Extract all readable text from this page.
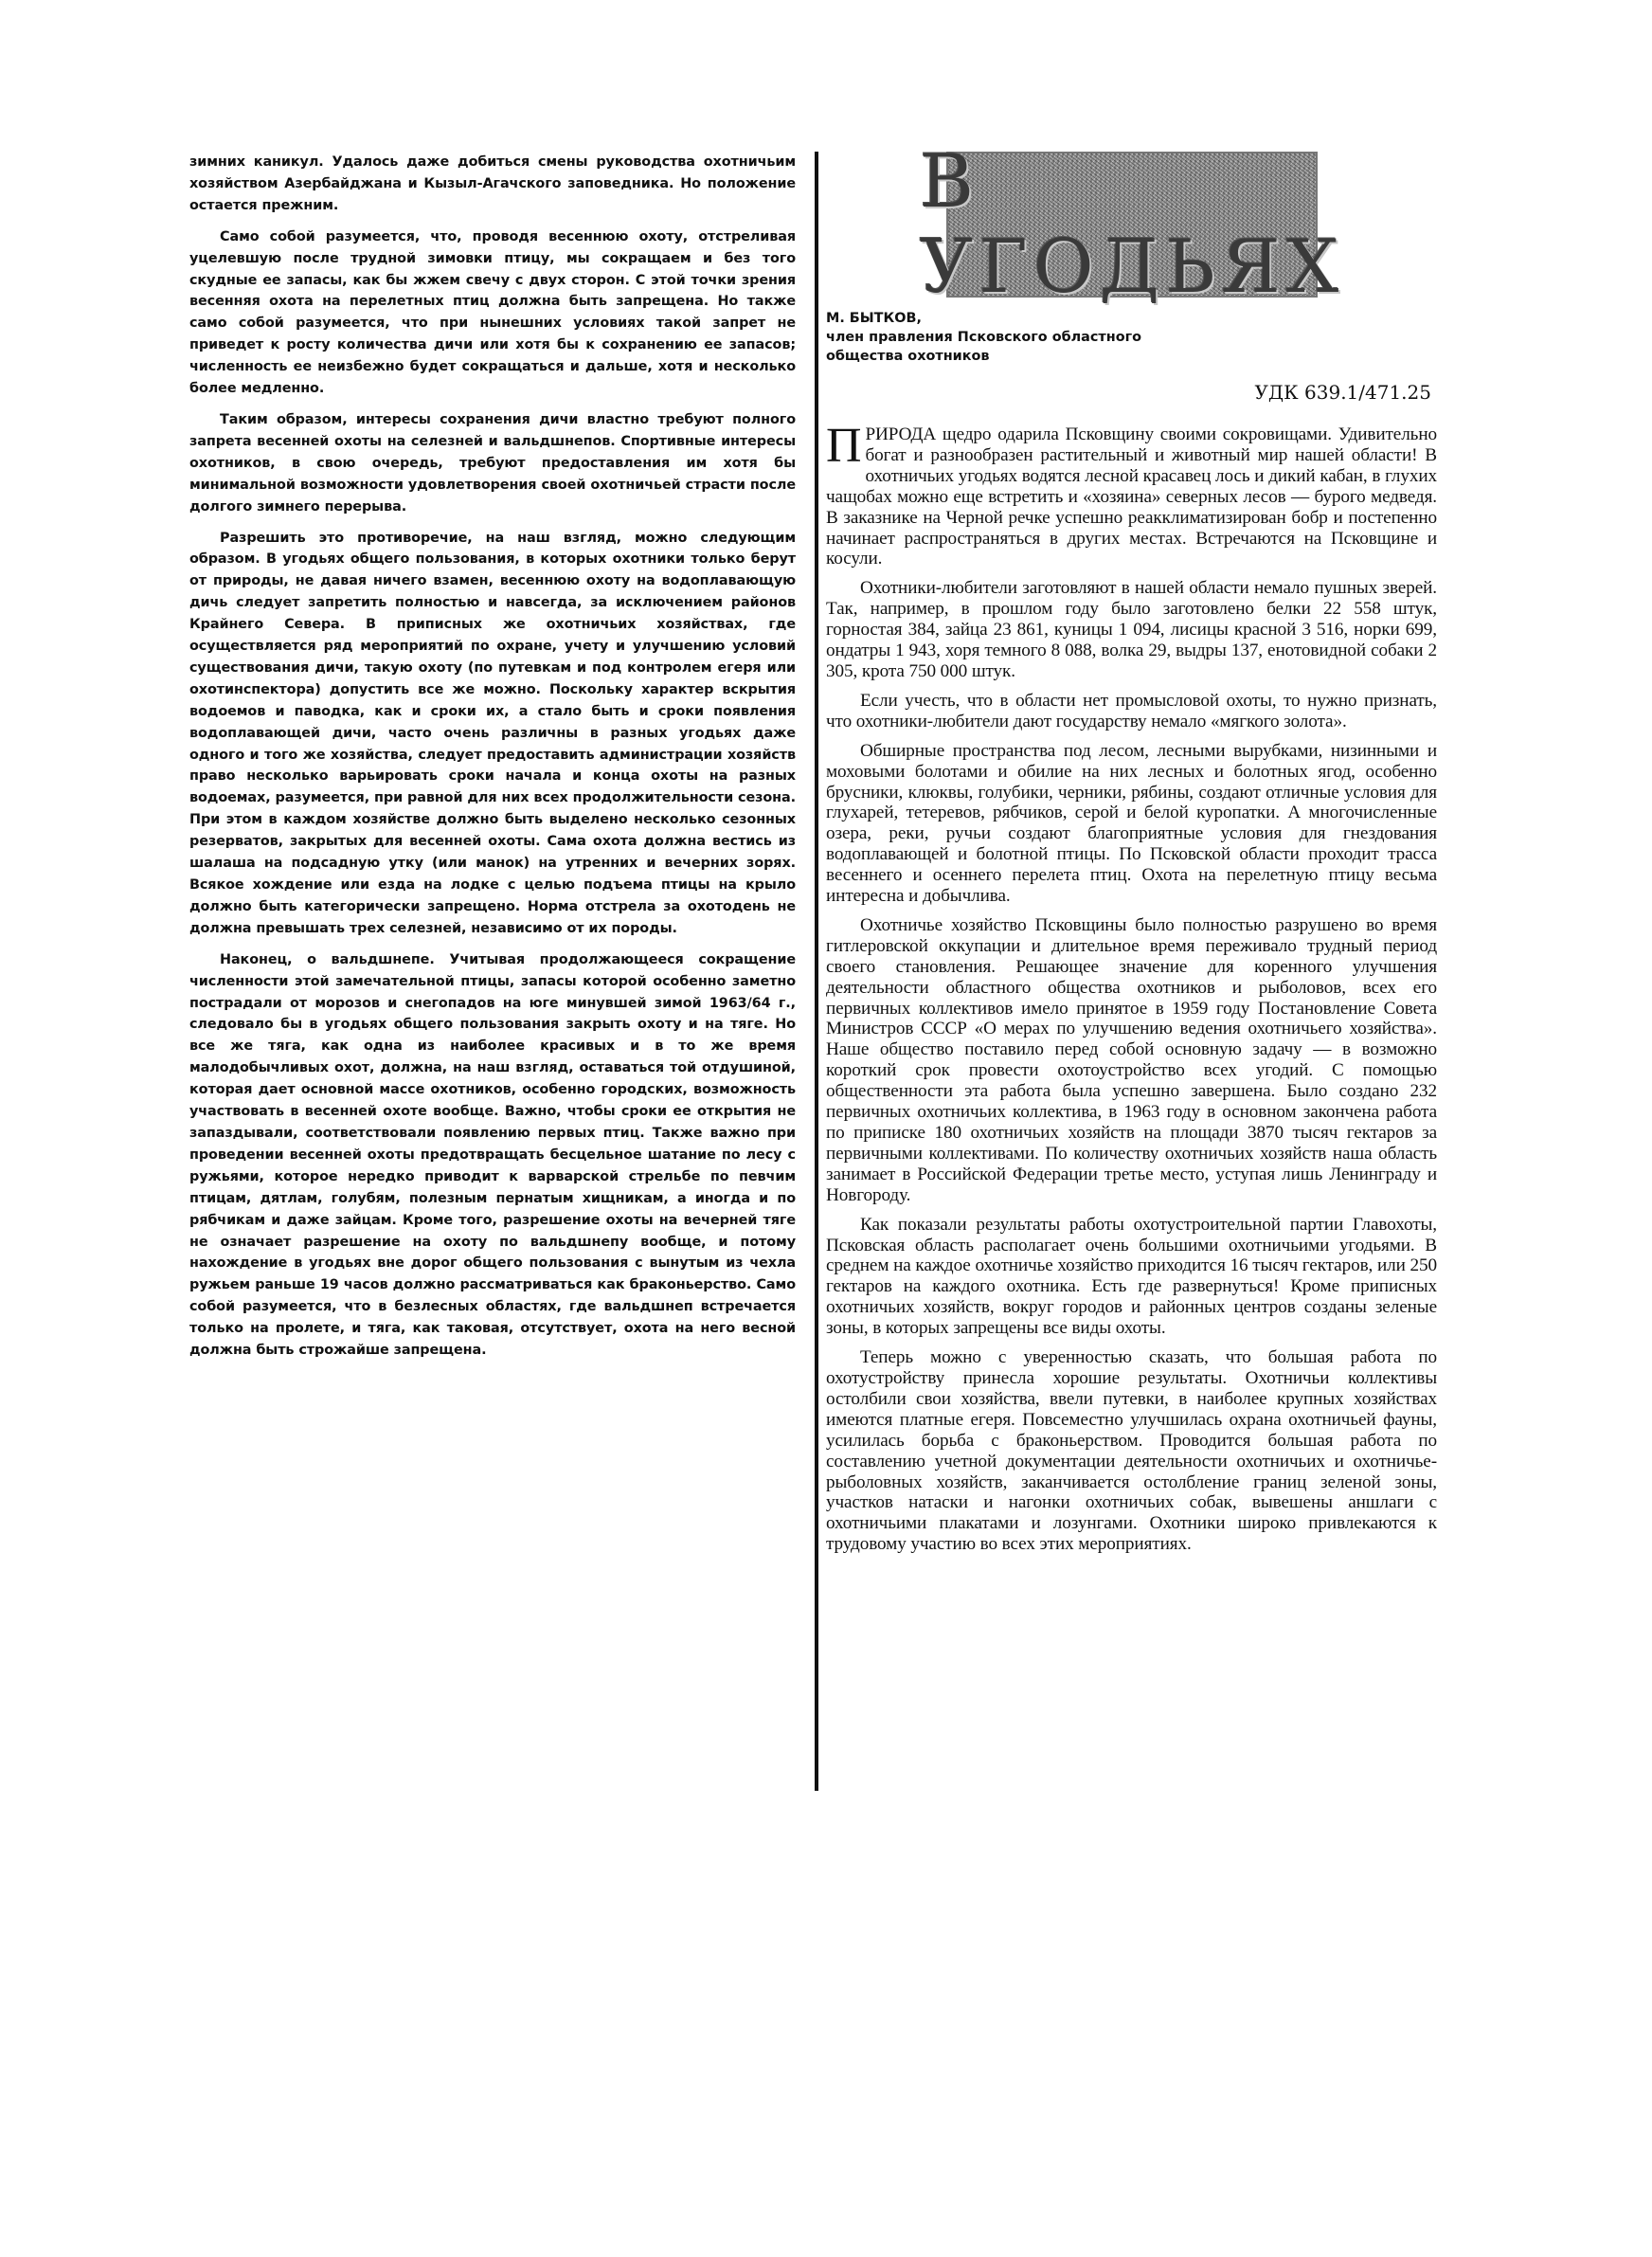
зимних каникул. Удалось даже добиться смены руководства охотничьим хозяйством Азербайджана и Кызыл-Агачского заповедника. Но положение остается прежним.

Само собой разумеется, что, проводя весеннюю охоту, отстреливая уцелевшую после трудной зимовки птицу, мы сокращаем и без того скудные ее запасы, как бы жжем свечу с двух сторон. С этой точки зрения весенняя охота на перелетных птиц должна быть запрещена. Но также само собой разумеется, что при нынешних условиях такой запрет не приведет к росту количества дичи или хотя бы к сохранению ее запасов; численность ее неизбежно будет сокращаться и дальше, хотя и несколько более медленно.

Таким образом, интересы сохранения дичи властно требуют полного запрета весенней охоты на селезней и вальдшнепов. Спортивные интересы охотников, в свою очередь, требуют предоставления им хотя бы минимальной возможности удовлетворения своей охотничьей страсти после долгого зимнего перерыва.

Разрешить это противоречие, на наш взгляд, можно следующим образом. В угодьях общего пользования, в которых охотники только берут от природы, не давая ничего взамен, весеннюю охоту на водоплавающую дичь следует запретить полностью и навсегда, за исключением районов Крайнего Севера. В приписных же охотничьих хозяйствах, где осуществляется ряд мероприятий по охране, учету и улучшению условий существования дичи, такую охоту (по путевкам и под контролем егеря или охотинспектора) допустить все же можно. Поскольку характер вскрытия водоемов и паводка, как и сроки их, а стало быть и сроки появления водоплавающей дичи, часто очень различны в разных угодьях даже одного и того же хозяйства, следует предоставить администрации хозяйств право несколько варьировать сроки начала и конца охоты на разных водоемах, разумеется, при равной для них всех продолжительности сезона. При этом в каждом хозяйстве должно быть выделено несколько сезонных резерватов, закрытых для весенней охоты. Сама охота должна вестись из шалаша на подсадную утку (или манок) на утренних и вечерних зорях. Всякое хождение или езда на лодке с целью подъема птицы на крыло должно быть категорически запрещено. Норма отстрела за охотодень не должна превышать трех селезней, независимо от их породы.

Наконец, о вальдшнепе. Учитывая продолжающееся сокращение численности этой замечательной птицы, запасы которой особенно заметно пострадали от морозов и снегопадов на юге минувшей зимой 1963/64 г., следовало бы в угодьях общего пользования закрыть охоту и на тяге. Но все же тяга, как одна из наиболее красивых и в то же время малодобычливых охот, должна, на наш взгляд, оставаться той отдушиной, которая дает основной массе охотников, особенно городских, возможность участвовать в весенней охоте вообще. Важно, чтобы сроки ее открытия не запаздывали, соответствовали появлению первых птиц. Также важно при проведении весенней охоты предотвращать бесцельное шатание по лесу с ружьями, которое нередко приводит к варварской стрельбе по певчим птицам, дятлам, голубям, полезным пернатым хищникам, а иногда и по рябчикам и даже зайцам. Кроме того, разрешение охоты на вечерней тяге не означает разрешение на охоту по вальдшнепу вообще, и потому нахождение в угодьях вне дорог общего пользования с вынутым из чехла ружьем раньше 19 часов должно рассматриваться как браконьерство. Само собой разумеется, что в безлесных областях, где вальдшнеп встречается только на пролете, и тяга, как таковая, отсутствует, охота на него весной должна быть строжайше запрещена.

В УГОДЬЯХ
М. БЫТКОВ,
член правления Псковского областного
общества охотников
УДК 639.1/471.25

ПРИРОДА щедро одарила Псковщину своими сокровищами. Удивительно богат и разнообразен растительный и животный мир нашей области! В охотничьих угодьях водятся лесной красавец лось и дикий кабан, в глухих чащобах можно еще встретить и «хозяина» северных лесов — бурого медведя. В заказнике на Черной речке успешно реакклиматизирован бобр и постепенно начинает распространяться в других местах. Встречаются на Псковщине и косули.

Охотники-любители заготовляют в нашей области немало пушных зверей. Так, например, в прошлом году было заготовлено белки 22 558 штук, горностая 384, зайца 23 861, куницы 1 094, лисицы красной 3 516, норки 699, ондатры 1 943, хоря темного 8 088, волка 29, выдры 137, енотовидной собаки 2 305, крота 750 000 штук.

Если учесть, что в области нет промысловой охоты, то нужно признать, что охотники-любители дают государству немало «мягкого золота».

Обширные пространства под лесом, лесными вырубками, низинными и моховыми болотами и обилие на них лесных и болотных ягод, особенно брусники, клюквы, голубики, черники, рябины, создают отличные условия для глухарей, тетеревов, рябчиков, серой и белой куропатки. А многочисленные озера, реки, ручьи создают благоприятные условия для гнездования водоплавающей и болотной птицы. По Псковской области проходит трасса весеннего и осеннего перелета птиц. Охота на перелетную птицу весьма интересна и добычлива.

Охотничье хозяйство Псковщины было полностью разрушено во время гитлеровской оккупации и длительное время переживало трудный период своего становления. Решающее значение для коренного улучшения деятельности областного общества охотников и рыболовов, всех его первичных коллективов имело принятое в 1959 году Постановление Совета Министров СССР «О мерах по улучшению ведения охотничьего хозяйства». Наше общество поставило перед собой основную задачу — в возможно короткий срок провести охотоустройство всех угодий. С помощью общественности эта работа была успешно завершена. Было создано 232 первичных охотничьих коллектива, в 1963 году в основном закончена работа по приписке 180 охотничьих хозяйств на площади 3870 тысяч гектаров за первичными коллективами. По количеству охотничьих хозяйств наша область занимает в Российской Федерации третье место, уступая лишь Ленинграду и Новгороду.

Как показали результаты работы охотустроительной партии Главохоты, Псковская область располагает очень большими охотничьими угодьями. В среднем на каждое охотничье хозяйство приходится 16 тысяч гектаров, или 250 гектаров на каждого охотника. Есть где развернуться! Кроме приписных охотничьих хозяйств, вокруг городов и районных центров созданы зеленые зоны, в которых запрещены все виды охоты.

Теперь можно с уверенностью сказать, что большая работа по охотустройству принесла хорошие результаты. Охотничьи коллективы остолбили свои хозяйства, ввели путевки, в наиболее крупных хозяйствах имеются платные егеря. Повсеместно улучшилась охрана охотничьей фауны, усилилась борьба с браконьерством. Проводится большая работа по составлению учетной документации деятельности охотничьих и охотничье-рыболовных хозяйств, заканчивается остолбление границ зеленой зоны, участков натаски и нагонки охотничьих собак, вывешены аншлаги с охотничьими плакатами и лозунгами. Охотники широко привлекаются к трудовому участию во всех этих мероприятиях.
